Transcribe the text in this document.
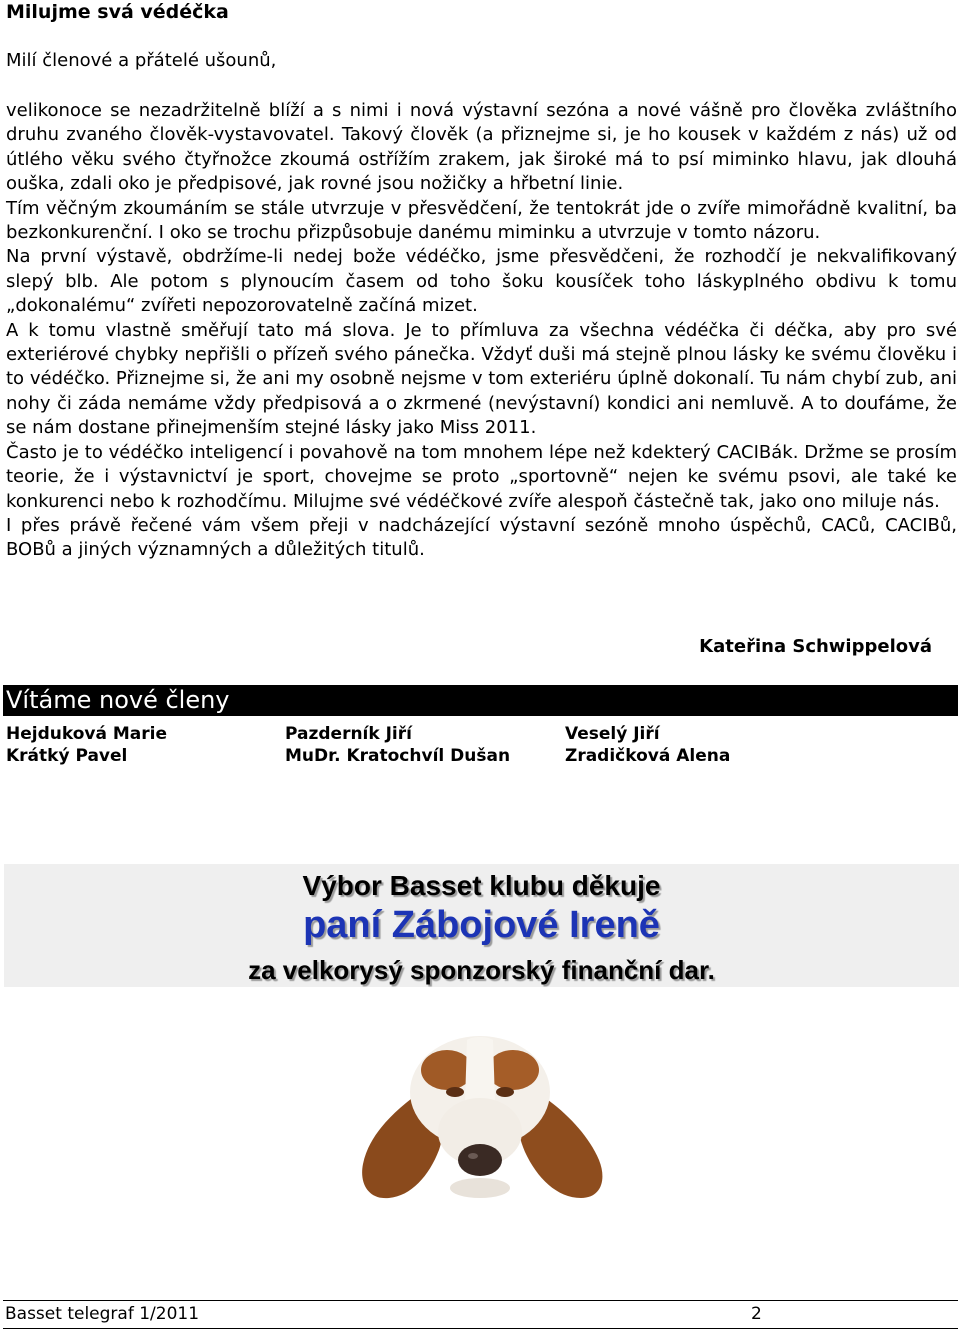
Milujme svá védéčka

Milí členové a přátelé ušounů,

velikonoce se nezadržitelně blíží a s nimi i nová výstavní sezóna a nové vášně pro člověka zvláštního druhu zvaného člověk-vystavovatel. Takový člověk (a přiznejme si, je ho kousek v každém z nás) už od útlého věku svého čtyřnožce zkoumá ostřížím zrakem, jak široké má to psí miminko hlavu, jak dlouhá ouška, zdali oko je předpisové, jak rovné jsou nožičky a hřbetní linie.

Tím věčným zkoumáním se stále utvrzuje v přesvědčení, že tentokrát jde o zvíře mimořádně kvalitní, ba bezkonkurenční. I oko se trochu přizpůsobuje danému miminku a utvrzuje v tomto názoru.

Na první výstavě, obdržíme-li nedej bože védéčko, jsme přesvědčeni, že rozhodčí je nekvalifikovaný slepý blb. Ale potom s plynoucím časem od toho šoku kousíček toho láskyplného obdivu k tomu „dokonalému“ zvířeti nepozorovatelně začíná mizet.

A k tomu vlastně směřují tato má slova. Je to přímluva za všechna védéčka či déčka, aby pro své exteriérové chybky nepřišli o přízeň svého pánečka. Vždyť duši má stejně plnou lásky ke svému člověku i to védéčko. Přiznejme si, že ani my osobně nejsme v tom exteriéru úplně dokonalí. Tu nám chybí zub, ani nohy či záda nemáme vždy předpisová a o zkrmené (nevýstavní) kondici ani nemluvě. A to doufáme, že se nám dostane přinejmenším stejné lásky jako Miss 2011.

Často je to védéčko inteligencí i povahově na tom mnohem lépe než kdekterý CACIBák. Držme se prosím teorie, že i výstavnictví je sport, chovejme se proto „sportovně“ nejen ke svému psovi, ale také ke konkurenci nebo k rozhodčímu. Milujme své védéčkové zvíře alespoň částečně tak, jako ono miluje nás.

I přes právě řečené vám všem přeji v nadcházející výstavní sezóně mnoho úspěchů, CACů, CACIBů, BOBů a jiných významných a důležitých titulů.

Kateřina Schwippelová
Vítáme nové členy
Hejduková Marie	Pazderník Jiří	Veselý Jiří
Krátký Pavel	MuDr. Kratochvíl Dušan	Zradičková Alena
Výbor Basset klubu děkuje
paní Zábojové Ireně
za velkorysý sponzorský finanční dar.
Basset telegraf 1/2011	2
